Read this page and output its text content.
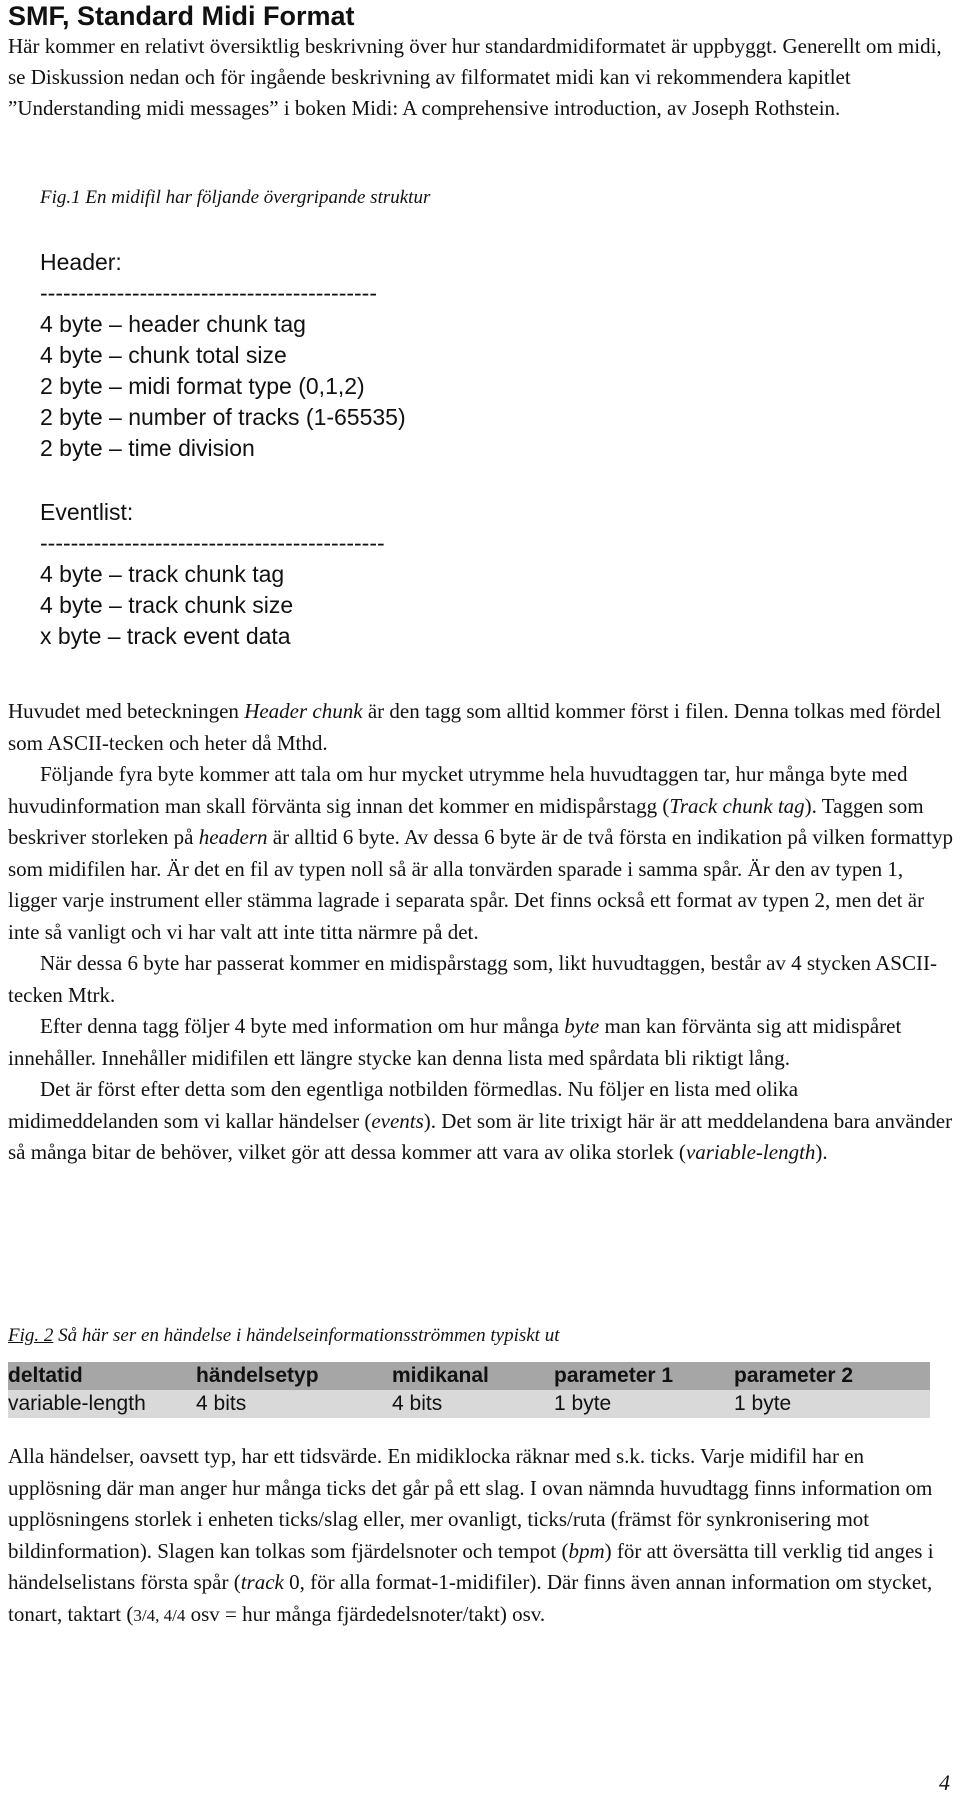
SMF, Standard Midi Format
Här kommer en relativt översiktlig beskrivning över hur standardmidiformatet är uppbyggt. Generellt om midi, se Diskussion nedan och för ingående beskrivning av filformatet midi kan vi rekommendera kapitlet ”Understanding midi messages” i boken Midi: A comprehensive introduction, av Joseph Rothstein.
Fig.1 En midifil har följande övergripande struktur
Header:
--------------------------------------------
4 byte – header chunk tag
4 byte – chunk total size
2 byte – midi format type (0,1,2)
2 byte – number of tracks (1-65535)
2 byte – time division
Eventlist:
---------------------------------------------
4 byte – track chunk tag
4 byte – track chunk size
x byte – track event data

Huvudet med beteckningen Header chunk är den tagg som alltid kommer först i filen. Denna tolkas med fördel som ASCII-tecken och heter då Mthd.

Följande fyra byte kommer att tala om hur mycket utrymme hela huvudtaggen tar, hur många byte med huvudinformation man skall förvänta sig innan det kommer en midispårstagg (Track chunk tag). Taggen som beskriver storleken på headern är alltid 6 byte. Av dessa 6 byte är de två första en indikation på vilken formattyp som midifilen har. Är det en fil av typen noll så är alla tonvärden sparade i samma spår. Är den av typen 1, ligger varje instrument eller stämma lagrade i separata spår. Det finns också ett format av typen 2, men det är inte så vanligt och vi har valt att inte titta närmre på det.

När dessa 6 byte har passerat kommer en midispårstagg som, likt huvudtaggen, består av 4 stycken ASCII-tecken Mtrk.

Efter denna tagg följer 4 byte med information om hur många byte man kan förvänta sig att midispåret innehåller. Innehåller midifilen ett längre stycke kan denna lista med spårdata bli riktigt lång.

Det är först efter detta som den egentliga notbilden förmedlas. Nu följer en lista med olika midimeddelanden som vi kallar händelser (events). Det som är lite trixigt här är att meddelandena bara använder så många bitar de behöver, vilket gör att dessa kommer att vara av olika storlek (variable-length).

Fig. 2 Så här ser en händelse i händelseinformationsströmmen typiskt ut
deltatid	händelsetyp	midikanal	parameter 1	parameter 2
variable-length	4 bits	4 bits	1 byte	1 byte
Alla händelser, oavsett typ, har ett tidsvärde. En midiklocka räknar med s.k. ticks. Varje midifil har en upplösning där man anger hur många ticks det går på ett slag. I ovan nämnda huvudtagg finns information om upplösningens storlek i enheten ticks/slag eller, mer ovanligt, ticks/ruta (främst för synkronisering mot bildinformation). Slagen kan tolkas som fjärdelsnoter och tempot (bpm) för att översätta till verklig tid anges i händelselistans första spår (track 0, för alla format-1-midifiler). Där finns även annan information om stycket, tonart, taktart (3/4, 4/4 osv = hur många fjärdedelsnoter/takt) osv.
4
